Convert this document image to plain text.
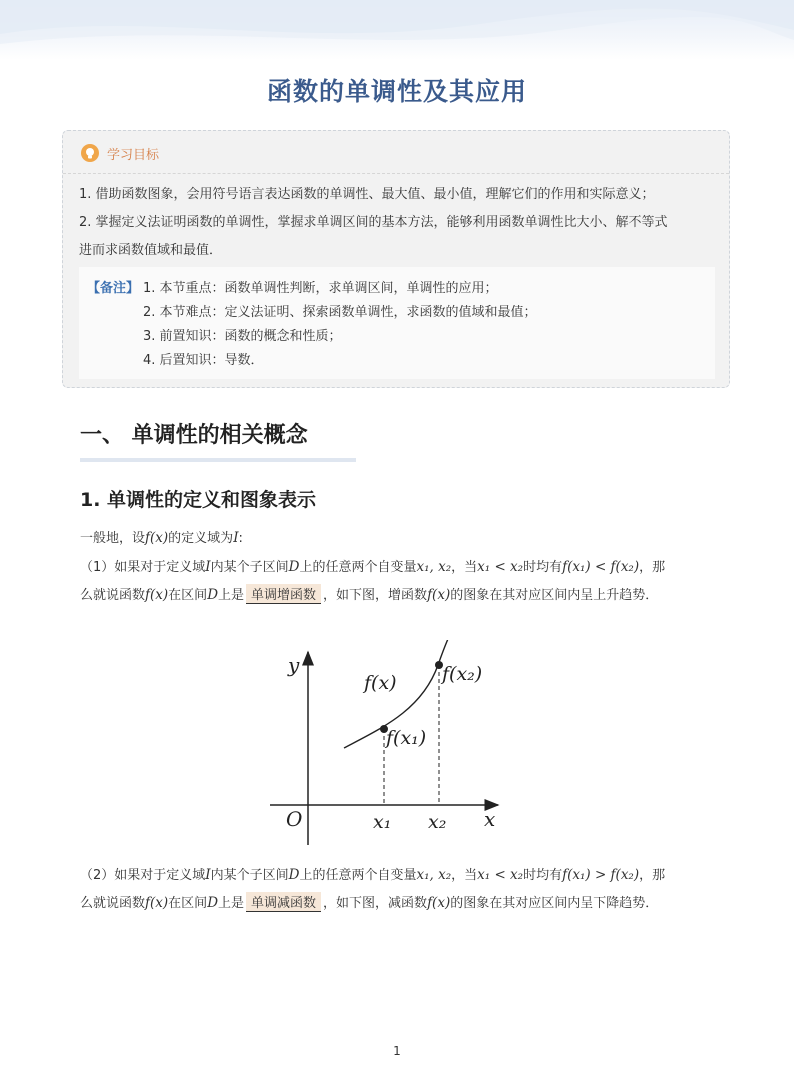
函数的单调性及其应用
学习目标
1. 借助函数图象，会用符号语言表达函数的单调性、最大值、最小值，理解它们的作用和实际意义；
2. 掌握定义法证明函数的单调性，掌握求单调区间的基本方法，能够利用函数单调性比大小、解不等式
进而求函数值域和最值．
【备注】 1. 本节重点：函数单调性判断，求单调区间，单调性的应用；
2. 本节难点：定义法证明、探索函数单调性，求函数的值域和最值；
3. 前置知识：函数的概念和性质；
4. 后置知识：导数．
一、 单调性的相关概念
1. 单调性的定义和图象表示
一般地，设f(x)的定义域为I:
（1）如果对于定义域I内某个子区间D上的任意两个自变量x₁, x₂，当x₁ < x₂时均有f(x₁) < f(x₂)，那
么就说函数f(x)在区间D上是 单调增函数 ，如下图，增函数f(x)的图象在其对应区间内呈上升趋势．
y
x
O
f(x)
f(x₁)
f(x₂)
x₁ x₂
（2）如果对于定义域I内某个子区间D上的任意两个自变量x₁, x₂，当x₁ < x₂时均有f(x₁) > f(x₂)，那
么就说函数f(x)在区间D上是 单调减函数 ，如下图，减函数f(x)的图象在其对应区间内呈下降趋势．
1
